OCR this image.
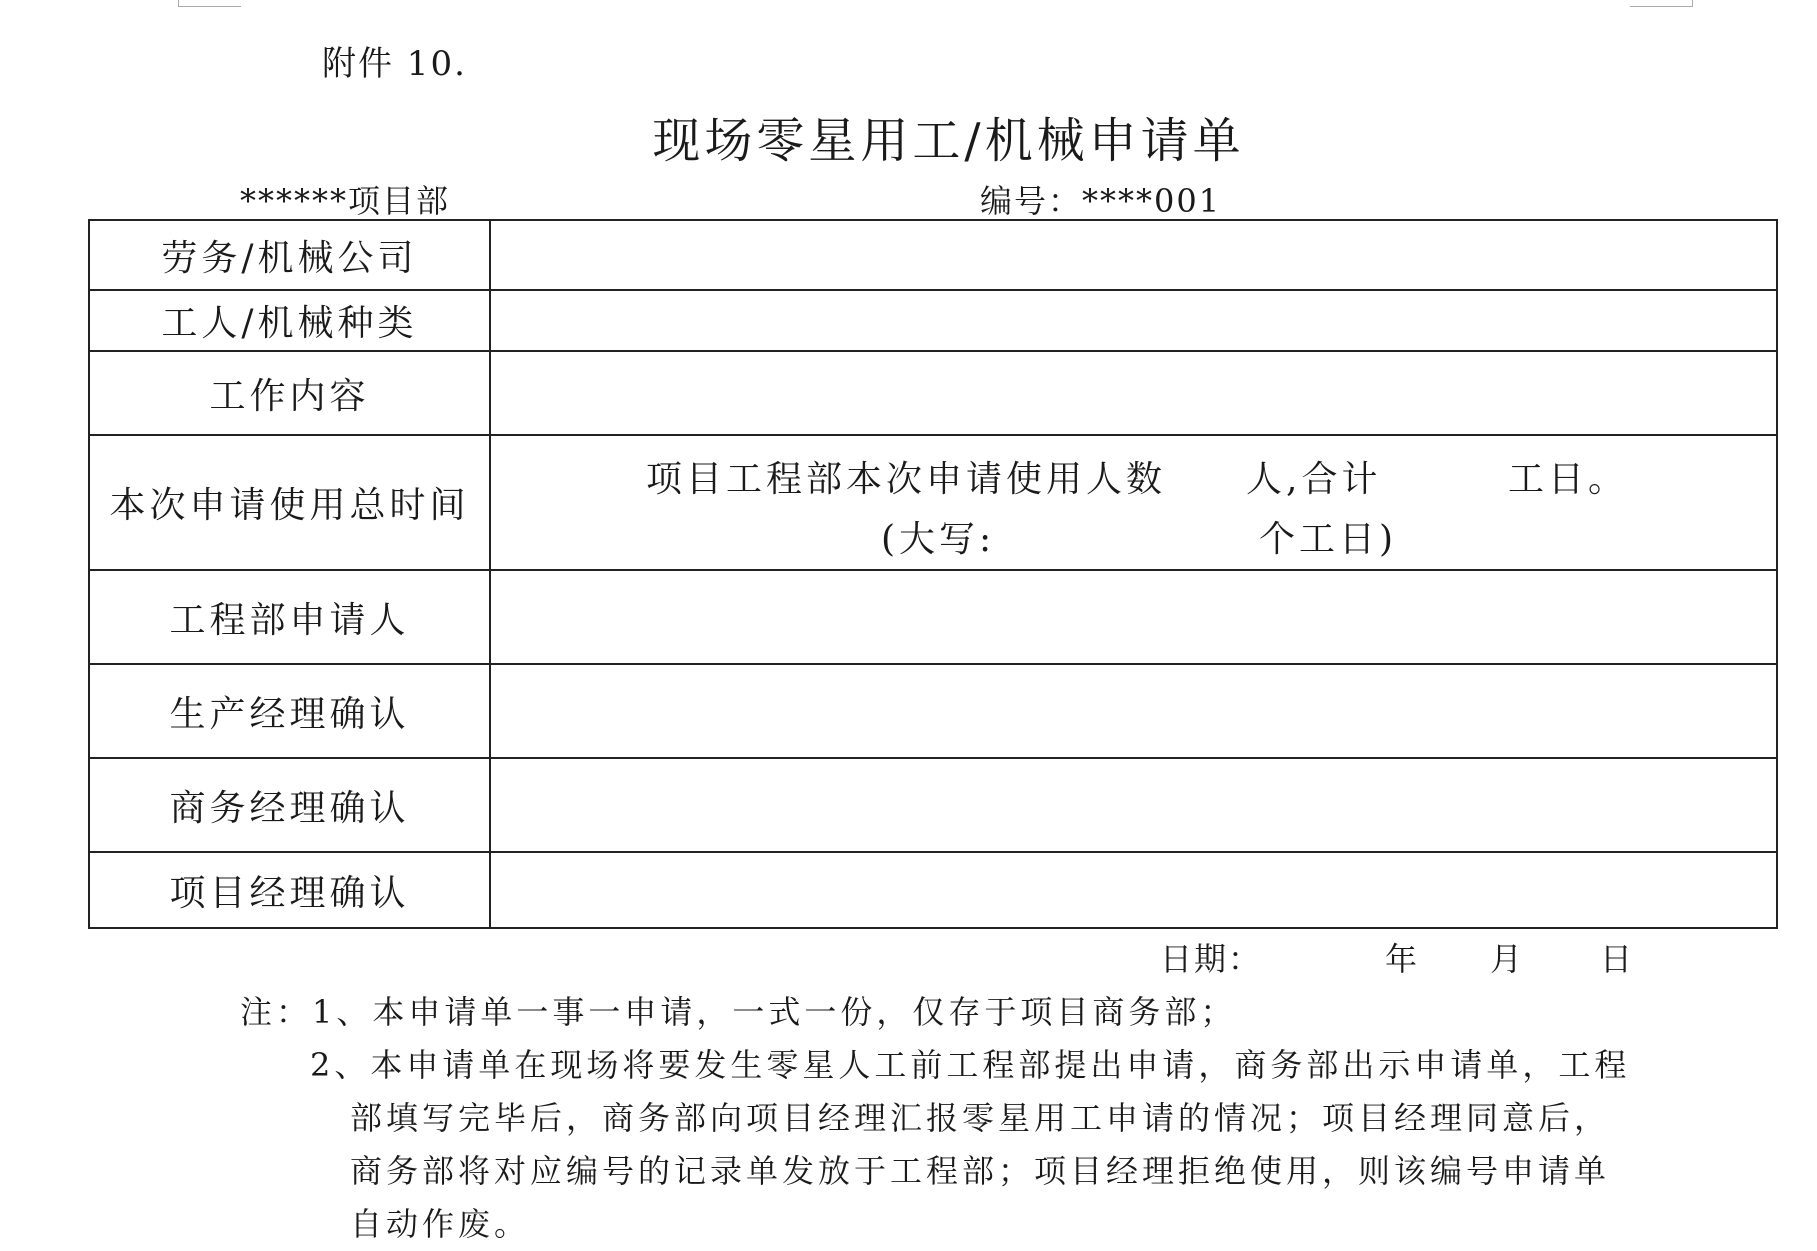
附件 10.
现场零星用工/机械申请单
******项目部	编号：****001
劳务/机械公司	
工人/机械种类	
工作内容	
本次申请使用总时间	项目工程部本次申请使用人数 人,合计 工日。
(大写: 个工日)

工程部申请人	
生产经理确认	
商务经理确认	
项目经理确认	
日期：	年 月 日
注：1、本申请单一事一申请，一式一份，仅存于项目商务部；
2、本申请单在现场将要发生零星人工前工程部提出申请，商务部出示申请单，工程部填写完毕后，商务部向项目经理汇报零星用工申请的情况；项目经理同意后，商务部将对应编号的记录单发放于工程部；项目经理拒绝使用，则该编号申请单自动作废。
